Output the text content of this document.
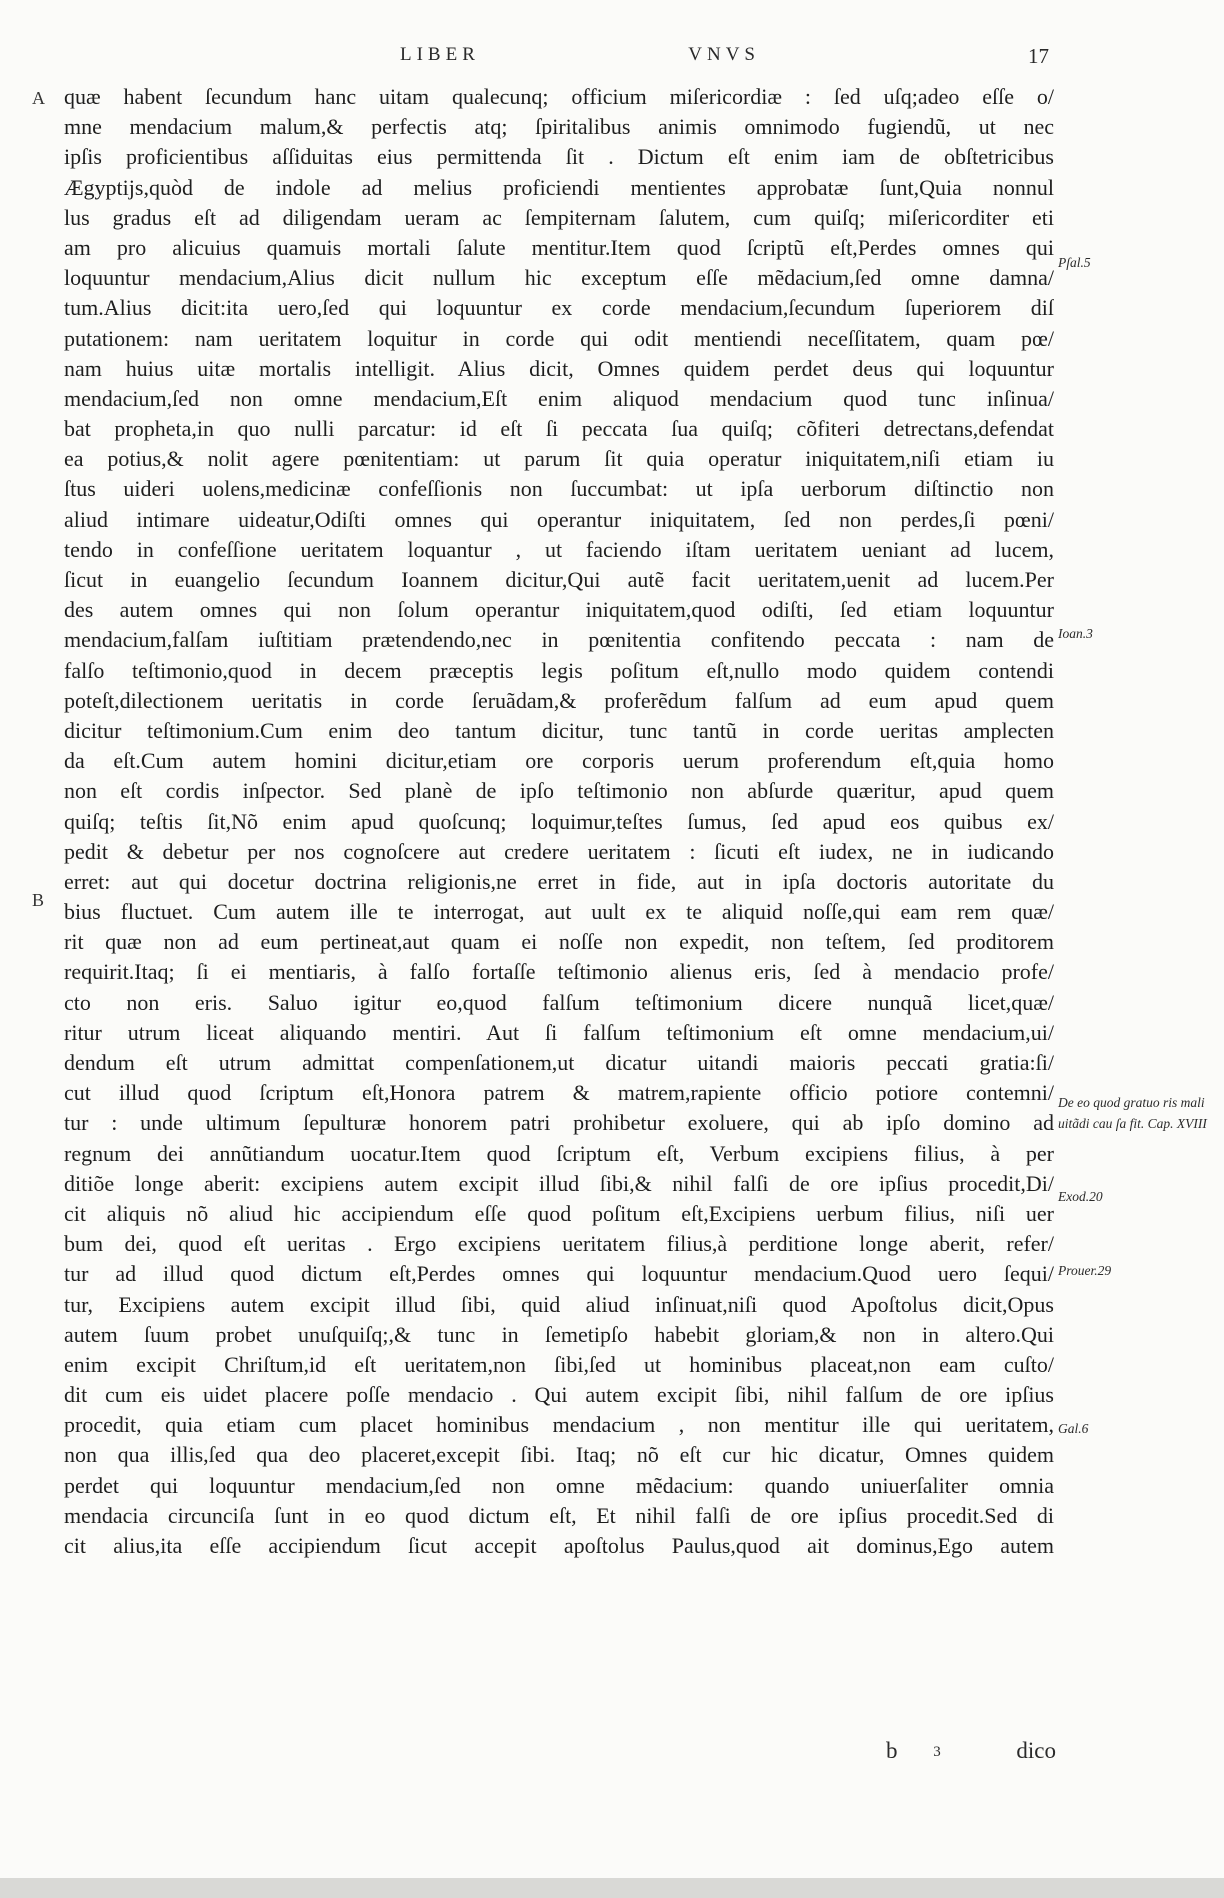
LIBER	VNVS	17
A
B
quæ habent ſecundum hanc uitam qualecunq; officium miſericordiæ : ſed uſq;adeo eſſe o/
mne mendacium malum,& perfectis atq; ſpiritalibus animis omnimodo fugiendũ, ut nec
ipſis proficientibus aſſiduitas eius permittenda ſit . Dictum eſt enim iam de obſtetricibus
Ægyptijs,quòd de indole ad melius proficiendi mentientes approbatæ ſunt,Quia nonnul
lus gradus eſt ad diligendam ueram ac ſempiternam ſalutem, cum quiſq; miſericorditer eti
am pro alicuius quamuis mortali ſalute mentitur.Item quod ſcriptũ eſt,Perdes omnes qui
loquuntur mendacium,Alius dicit nullum hic exceptum eſſe mẽdacium,ſed omne damna/
tum.Alius dicit:ita uero,ſed qui loquuntur ex corde mendacium,ſecundum ſuperiorem diſ
putationem: nam ueritatem loquitur in corde qui odit mentiendi neceſſitatem, quam pœ/
nam huius uitæ mortalis intelligit. Alius dicit, Omnes quidem perdet deus qui loquuntur
mendacium,ſed non omne mendacium,Eſt enim aliquod mendacium quod tunc inſinua/
bat propheta,in quo nulli parcatur: id eſt ſi peccata ſua quiſq; cõfiteri detrectans,defendat
ea potius,& nolit agere pœnitentiam: ut parum ſit quia operatur iniquitatem,niſi etiam iu
ſtus uideri uolens,medicinæ confeſſionis non ſuccumbat: ut ipſa uerborum diſtinctio non
aliud intimare uideatur,Odiſti omnes qui operantur iniquitatem, ſed non perdes,ſi pœni/
tendo in confeſſione ueritatem loquantur , ut faciendo iſtam ueritatem ueniant ad lucem,
ſicut in euangelio ſecundum Ioannem dicitur,Qui autẽ facit ueritatem,uenit ad lucem.Per
des autem omnes qui non ſolum operantur iniquitatem,quod odiſti, ſed etiam loquuntur
mendacium,falſam iuſtitiam prætendendo,nec in pœnitentia confitendo peccata : nam de
falſo teſtimonio,quod in decem præceptis legis poſitum eſt,nullo modo quidem contendi
poteſt,dilectionem ueritatis in corde ſeruãdam,& proferẽdum falſum ad eum apud quem
dicitur teſtimonium.Cum enim deo tantum dicitur, tunc tantũ in corde ueritas amplecten
da eſt.Cum autem homini dicitur,etiam ore corporis uerum proferendum eſt,quia homo
non eſt cordis inſpector. Sed planè de ipſo teſtimonio non abſurde quæritur, apud quem
quiſq; teſtis ſit,Nõ enim apud quoſcunq; loquimur,teſtes ſumus, ſed apud eos quibus ex/
pedit & debetur per nos cognoſcere aut credere ueritatem : ſicuti eſt iudex, ne in iudicando
erret: aut qui docetur doctrina religionis,ne erret in fide, aut in ipſa doctoris autoritate du
bius fluctuet. Cum autem ille te interrogat, aut uult ex te aliquid noſſe,qui eam rem quæ/
rit quæ non ad eum pertineat,aut quam ei noſſe non expedit, non teſtem, ſed proditorem
requirit.Itaq; ſi ei mentiaris, à falſo fortaſſe teſtimonio alienus eris, ſed à mendacio profe/
cto non eris. Saluo igitur eo,quod falſum teſtimonium dicere nunquã licet,quæ/
ritur utrum liceat aliquando mentiri. Aut ſi falſum teſtimonium eſt omne mendacium,ui/
dendum eſt utrum admittat compenſationem,ut dicatur uitandi maioris peccati gratia:ſi/
cut illud quod ſcriptum eſt,Honora patrem & matrem,rapiente officio potiore contemni/
tur : unde ultimum ſepulturæ honorem patri prohibetur exoluere, qui ab ipſo domino ad
regnum dei annũtiandum uocatur.Item quod ſcriptum eſt, Verbum excipiens filius, à per
ditiõe longe aberit: excipiens autem excipit illud ſibi,& nihil falſi de ore ipſius procedit,Di/
cit aliquis nõ aliud hic accipiendum eſſe quod poſitum eſt,Excipiens uerbum filius, niſi uer
bum dei, quod eſt ueritas . Ergo excipiens ueritatem filius,à perditione longe aberit, refer/
tur ad illud quod dictum eſt,Perdes omnes qui loquuntur mendacium.Quod uero ſequi/
tur, Excipiens autem excipit illud ſibi, quid aliud inſinuat,niſi quod Apoſtolus dicit,Opus
autem ſuum probet unuſquiſq;,& tunc in ſemetipſo habebit gloriam,& non in altero.Qui
enim excipit Chriſtum,id eſt ueritatem,non ſibi,ſed ut hominibus placeat,non eam cuſto/
dit cum eis uidet placere poſſe mendacio . Qui autem excipit ſibi, nihil falſum de ore ipſius
procedit, quia etiam cum placet hominibus mendacium , non mentitur ille qui ueritatem,
non qua illis,ſed qua deo placeret,excepit ſibi. Itaq; nõ eſt cur hic dicatur, Omnes quidem
perdet qui loquuntur mendacium,ſed non omne mẽdacium: quando uniuerſaliter omnia
mendacia circunciſa ſunt in eo quod dictum eſt, Et nihil falſi de ore ipſius procedit.Sed di
cit alius,ita eſſe accipiendum ſicut accepit apoſtolus Paulus,quod ait dominus,Ego autem
Pſal.5
Ioan.3
De eo quod gratuo ris mali uitãdi cau ſa fit. Cap. XVIII
Exod.20
Prouer.29
Gal.6
b 3	dico
